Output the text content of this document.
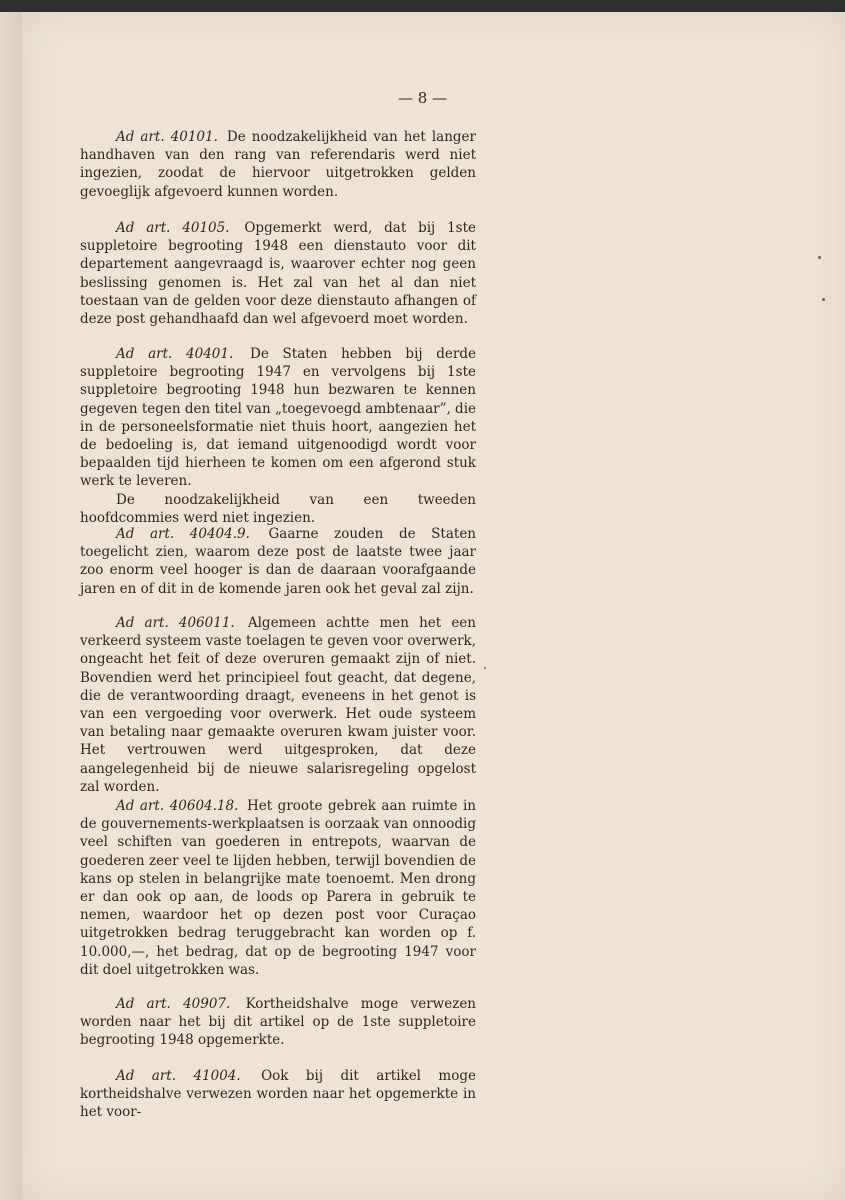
— 8 —

Ad art. 40101. De noodzakelijkheid van het langer handhaven van den rang van referendaris werd niet ingezien, zoodat de hiervoor uitgetrokken gelden gevoeglijk afgevoerd kunnen worden.

Ad art. 40105. Opgemerkt werd, dat bij 1ste suppletoire begrooting 1948 een dienstauto voor dit departement aangevraagd is, waarover echter nog geen beslissing genomen is. Het zal van het al dan niet toestaan van de gelden voor deze dienstauto afhangen of deze post gehandhaafd dan wel afgevoerd moet worden.

Ad art. 40401. De Staten hebben bij derde suppletoire begrooting 1947 en vervolgens bij 1ste suppletoire begrooting 1948 hun bezwaren te kennen gegeven tegen den titel van „toegevoegd ambtenaar”, die in de personeelsformatie niet thuis hoort, aangezien het de bedoeling is, dat iemand uitgenoodigd wordt voor bepaalden tijd hierheen te komen om een afgerond stuk werk te leveren.

De noodzakelijkheid van een tweeden hoofdcommies werd niet ingezien.

Ad art. 40404.9. Gaarne zouden de Staten toegelicht zien, waarom deze post de laatste twee jaar zoo enorm veel hooger is dan de daaraan voorafgaande jaren en of dit in de komende jaren ook het geval zal zijn.

Ad art. 406011. Algemeen achtte men het een verkeerd systeem vaste toelagen te geven voor overwerk, ongeacht het feit of deze overuren gemaakt zijn of niet. Bovendien werd het principieel fout geacht, dat degene, die de verantwoording draagt, eveneens in het genot is van een vergoeding voor overwerk. Het oude systeem van betaling naar gemaakte overuren kwam juister voor. Het vertrouwen werd uitgesproken, dat deze aangelegenheid bij de nieuwe salarisregeling opgelost zal worden.

Ad art. 40604.18. Het groote gebrek aan ruimte in de gouvernements-werkplaatsen is oorzaak van onnoodig veel schiften van goederen in entrepots, waarvan de goederen zeer veel te lijden hebben, terwijl bovendien de kans op stelen in belangrijke mate toenoemt. Men drong er dan ook op aan, de loods op Parera in gebruik te nemen, waardoor het op dezen post voor Curaçao uitgetrokken bedrag teruggebracht kan worden op f. 10.000,—, het bedrag, dat op de begrooting 1947 voor dit doel uitgetrokken was.

Ad art. 40907. Kortheidshalve moge verwezen worden naar het bij dit artikel op de 1ste suppletoire begrooting 1948 opgemerkte.

Ad art. 41004. Ook bij dit artikel moge kortheidshalve verwezen worden naar het opgemerkte in het voor-
